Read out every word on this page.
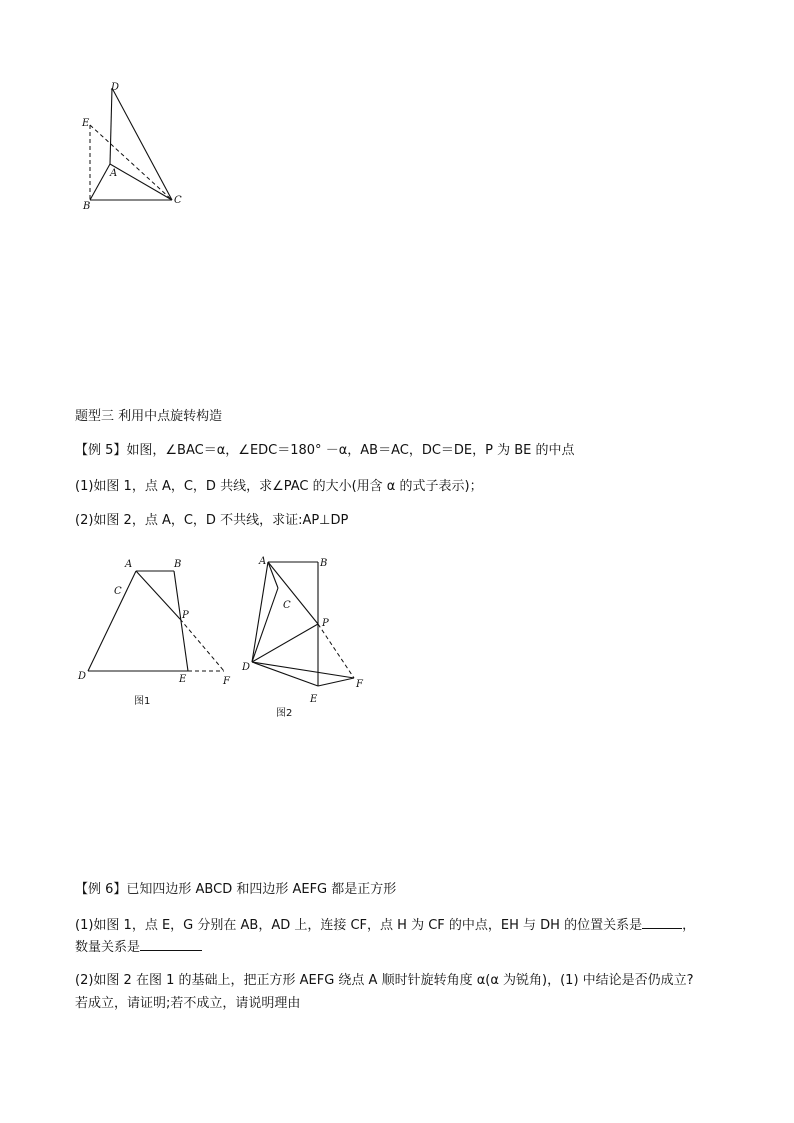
D
E
A
B
C
题型三 利用中点旋转构造
【例 5】如图，∠BAC＝α，∠EDC＝180° －α，AB＝AC，DC＝DE，P 为 BE 的中点
(1)如图 1，点 A，C，D 共线，求∠PAC 的大小(用含 α 的式子表示)；
(2)如图 2，点 A，C，D 不共线，求证:AP⊥DP
A	B
C
P
D	E	F
图1
A	B
C
P
D
E
F
图2
【例 6】已知四边形 ABCD 和四边形 AEFG 都是正方形
(1)如图 1，点 E，G 分别在 AB，AD 上，连接 CF，点 H 为 CF 的中点，EH 与 DH 的位置关系是	，
数量关系是
(2)如图 2 在图 1 的基础上，把正方形 AEFG 绕点 A 顺时针旋转角度 α(α 为锐角)，(1) 中结论是否仍成立?
若成立，请证明;若不成立，请说明理由
